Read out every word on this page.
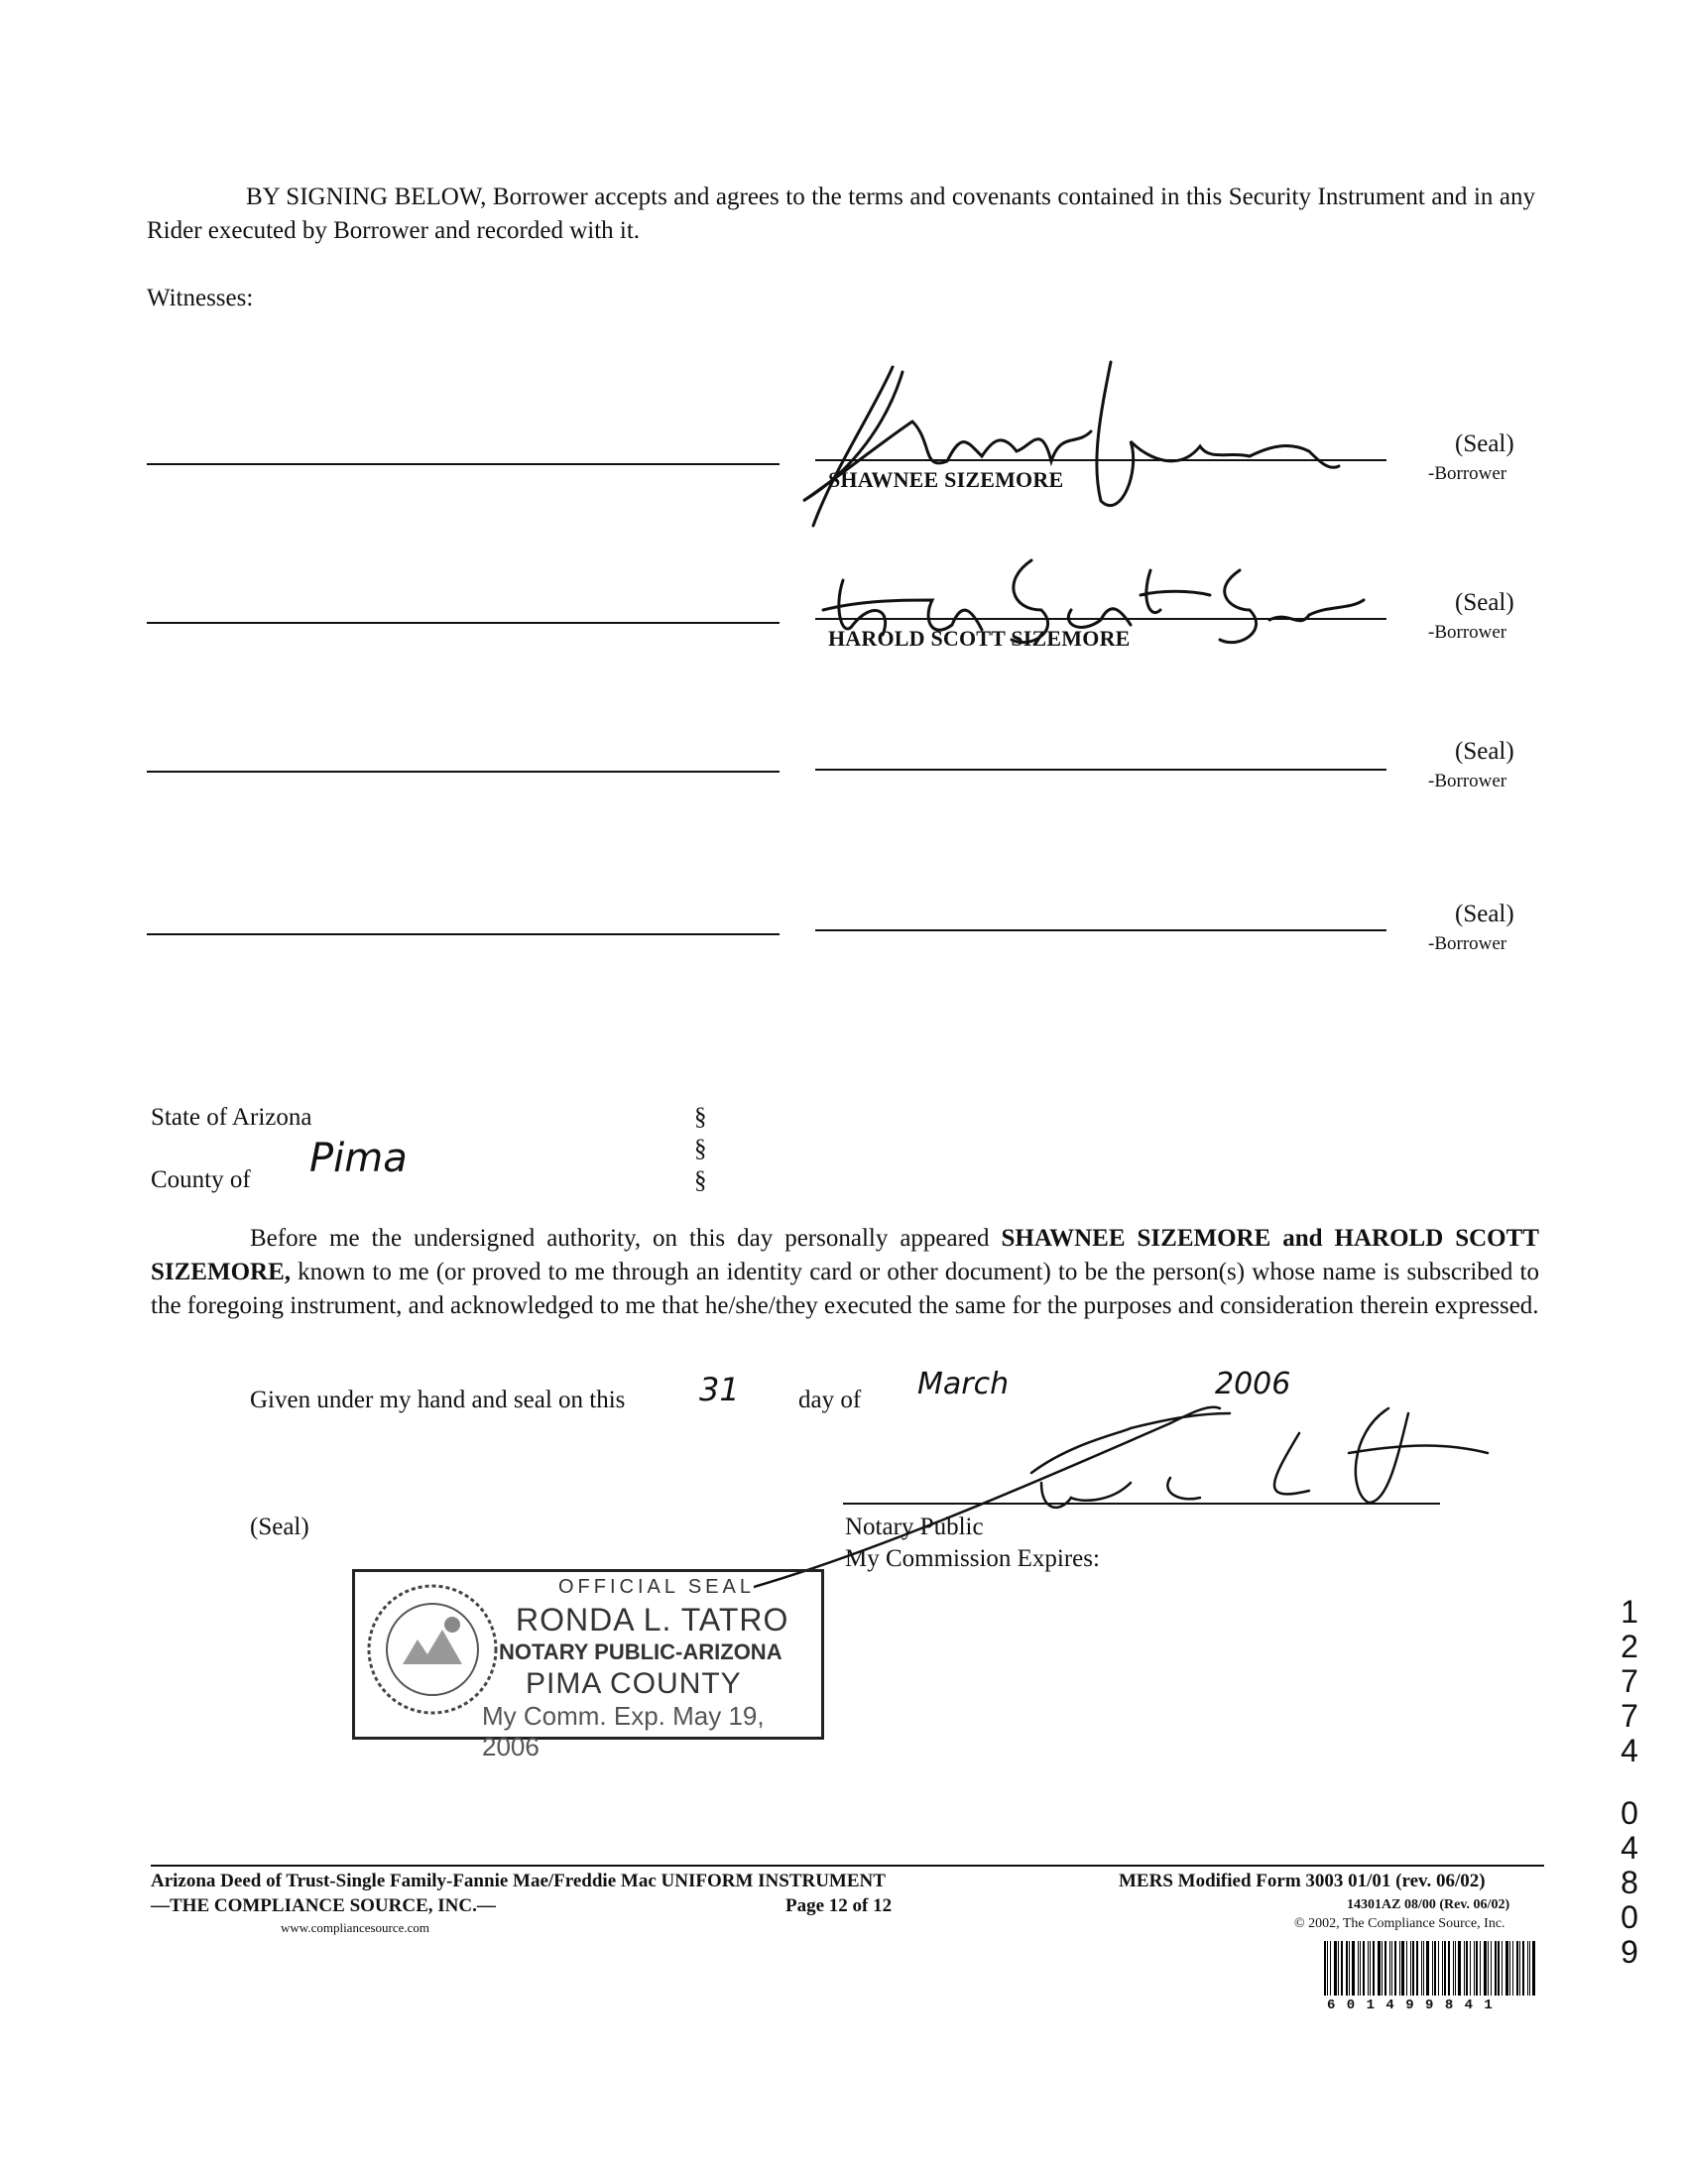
BY SIGNING BELOW, Borrower accepts and agrees to the terms and covenants contained in this Security Instrument and in any Rider executed by Borrower and recorded with it.
Witnesses:
SHAWNEE SIZEMORE
(Seal)
-Borrower
HAROLD SCOTT SIZEMORE
(Seal)
-Borrower
(Seal)
-Borrower
(Seal)
-Borrower
State of Arizona
County of Pima
§
§
§
Before me the undersigned authority, on this day personally appeared SHAWNEE SIZEMORE and HAROLD SCOTT SIZEMORE, known to me (or proved to me through an identity card or other document) to be the person(s) whose name is subscribed to the foregoing instrument, and acknowledged to me that he/she/they executed the same for the purposes and consideration therein expressed.
Given under my hand and seal on this 31 day of March	2006
(Seal)	Notary Public
My Commission Expires:
OFFICIAL SEAL
RONDA L. TATRO
NOTARY PUBLIC-ARIZONA
PIMA COUNTY
My Comm. Exp. May 19, 2006
12774
04809
Arizona Deed of Trust-Single Family-Fannie Mae/Freddie Mac UNIFORM INSTRUMENT
—THE COMPLIANCE SOURCE, INC.—
www.compliancesource.com
Page 12 of 12
MERS Modified Form 3003 01/01 (rev. 06/02)
14301AZ 08/00 (Rev. 06/02)
© 2002, The Compliance Source, Inc.
6 0 1 4 9 9 8 4 1
